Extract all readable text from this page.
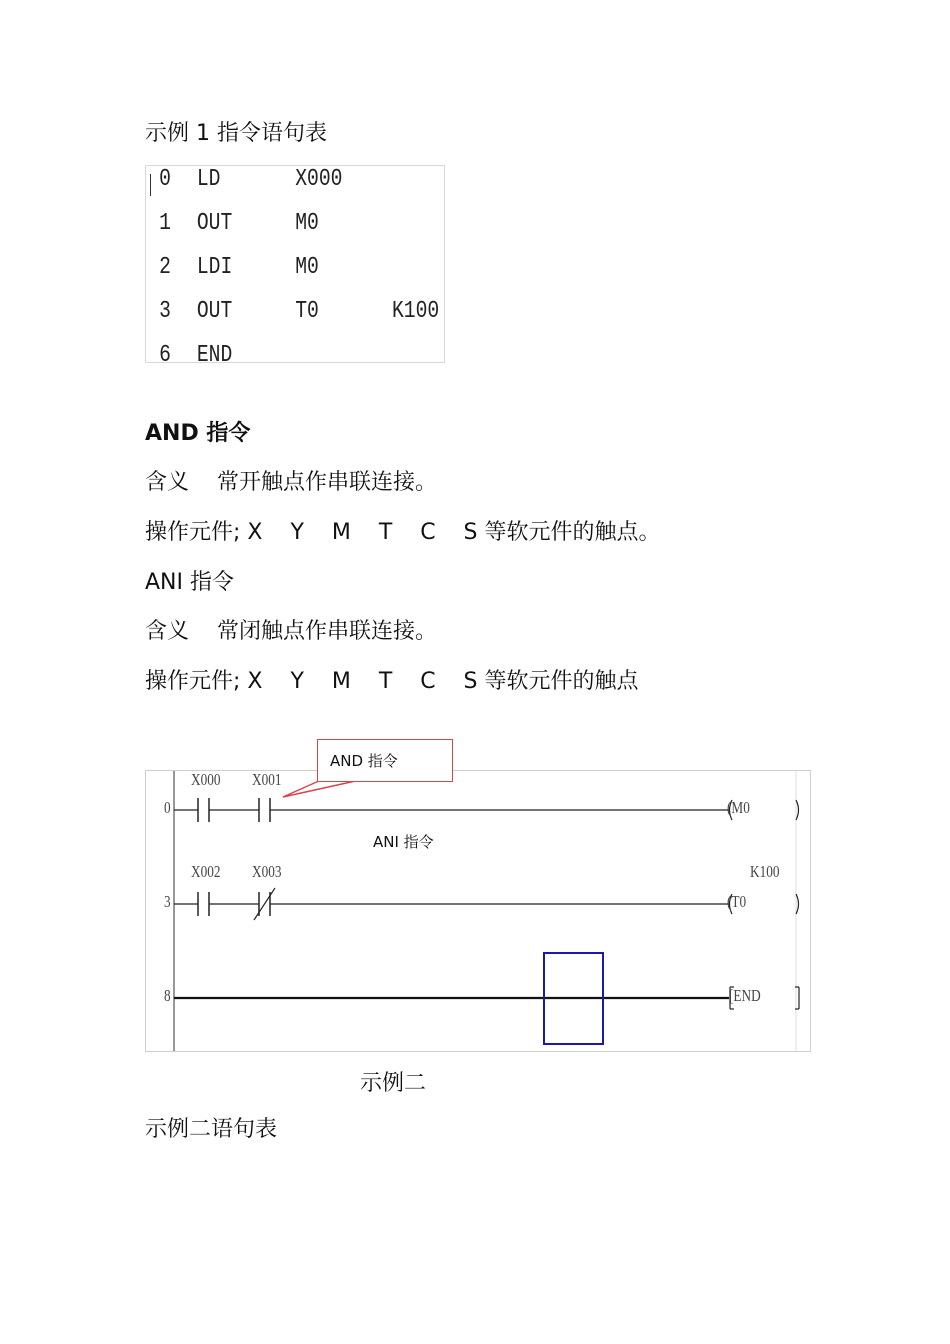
示例 1 指令语句表
0 LD	X000
1 OUT	M0
2 LDI	M0
3 OUT	T0	K100
6 END
AND 指令
含义    常开触点作串联连接。
操作元件; X    Y    M    T    C    S 等软元件的触点。
ANI 指令
含义    常闭触点作串联连接。
操作元件; X    Y    M    T    C    S 等软元件的触点
0
X000 X001
(M0
3
X002 X003	K100
(T0
8	[END
AND 指令
ANI 指令
示例二
示例二语句表
